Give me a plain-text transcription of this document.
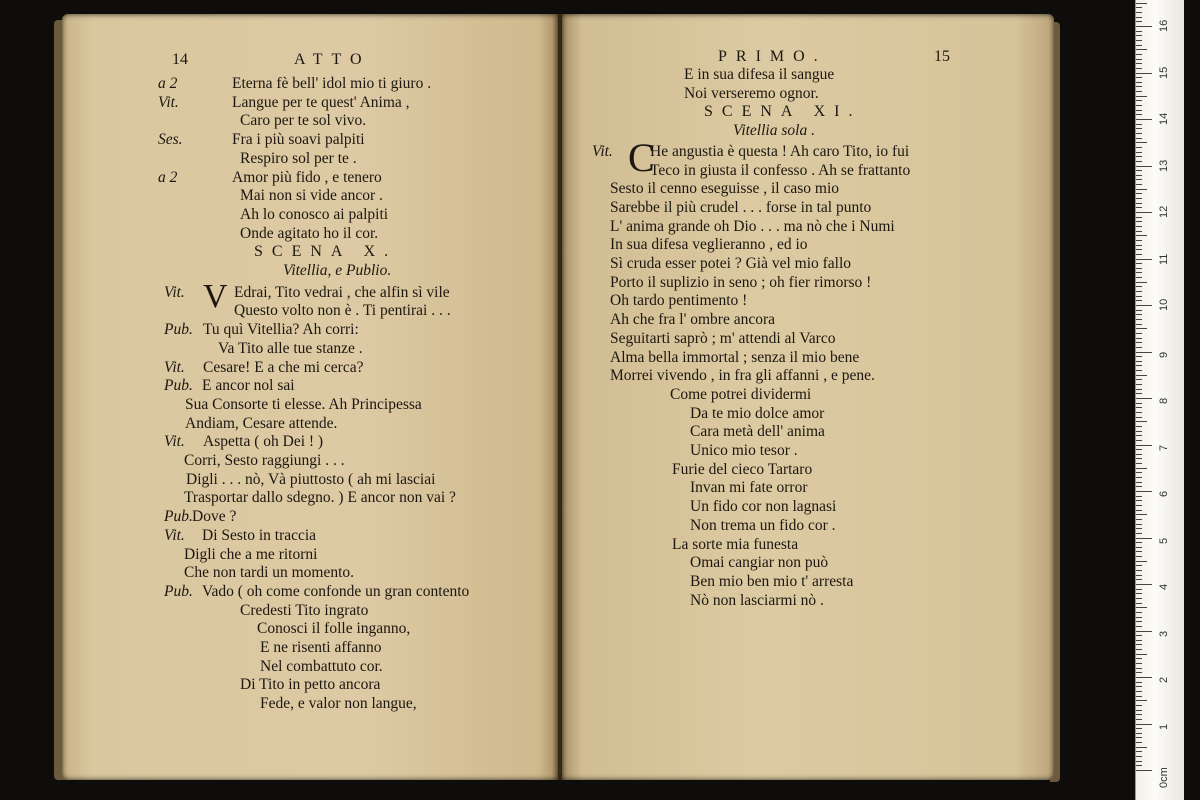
14	ATTO
a 2	Eterna fè bell' idol mio ti giuro .
Vit.	Langue per te quest' Anima ,
Caro per te sol vivo.
Ses.	Fra i più soavi palpiti
Respiro sol per te .
a 2	Amor più fido , e tenero
Mai non si vide ancor .
Ah lo conosco ai palpiti
Onde agitato ho il cor.
SCENA X.
Vitellia, e Publio.
Vit. V Edrai, Tito vedrai , che alfin sì vile
Questo volto non è . Ti pentirai . . .
Pub. Tu quì Vitellia? Ah corri:
Va Tito alle tue stanze .
Vit. Cesare! E a che mi cerca?
Pub. E ancor nol sai
Sua Consorte ti elesse. Ah Principessa
Andiam, Cesare attende.
Vit. Aspetta ( oh Dei ! )
Corri, Sesto raggiungi . . .
Digli . . . nò, Và piuttosto ( ah mi lasciai
Trasportar dallo sdegno. ) E ancor non vai ?
Pub. Dove ?
Vit. Di Sesto in traccia
Digli che a me ritorni
Che non tardi un momento.
Pub. Vado ( oh come confonde un gran contento
Credesti Tito ingrato
Conosci il folle inganno,
E ne risenti affanno
Nel combattuto cor.
Di Tito in petto ancora
Fede, e valor non langue,
PRIMO.	15
E in sua difesa il sangue
Noi verseremo ognor.
SCENA XI.
Vitellia sola .
Vit. C
He angustia è questa ! Ah caro Tito, io fui
Teco in giusta il confesso . Ah se frattanto
Sesto il cenno eseguisse , il caso mio
Sarebbe il più crudel . . . forse in tal punto
L' anima grande oh Dio . . . ma nò che i Numi
In sua difesa veglieranno , ed io
Sì cruda esser potei ? Già vel mio fallo
Porto il suplizio in seno ; oh fier rimorso !
Oh tardo pentimento !
Ah che fra l' ombre ancora
Seguitarti saprò ; m' attendi al Varco
Alma bella immortal ; senza il mio bene
Morrei vivendo , in fra gli affanni , e pene.
Come potrei dividermi
Da te mio dolce amor
Cara metà dell' anima
Unico mio tesor .
Furie del cieco Tartaro
Invan mi fate orror
Un fido cor non lagnasi
Non trema un fido cor .
La sorte mia funesta
Omai cangiar non può
Ben mio ben mio t' arresta
Nò non lasciarmi nò .
0cm
1
2
3
4
5
6
7
8
9
10
11
12
13
14
15
16
